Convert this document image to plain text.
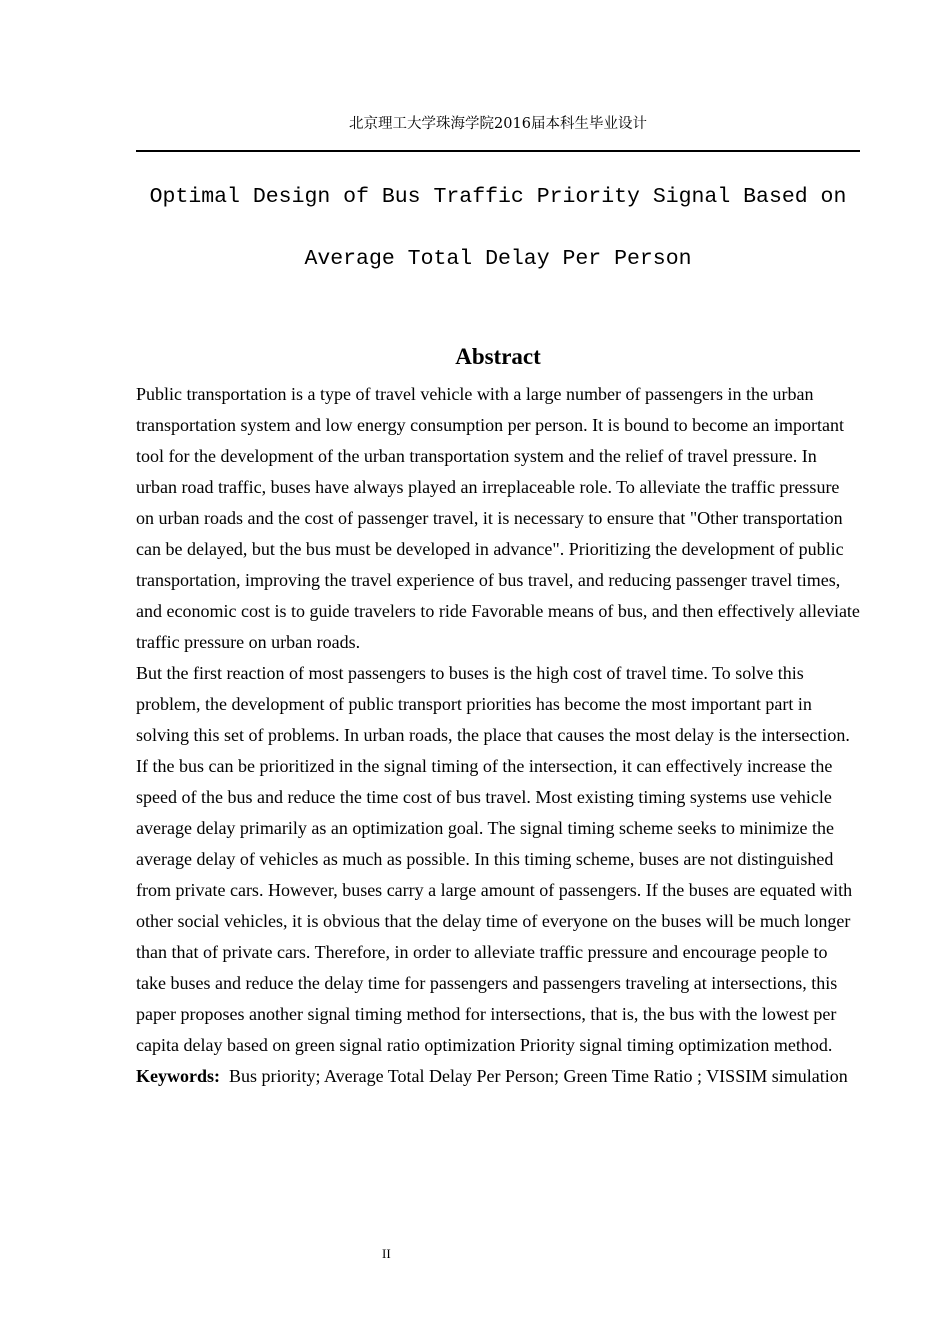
北京理工大学珠海学院2016届本科生毕业设计
Optimal Design of Bus Traffic Priority Signal Based on
Average Total Delay Per Person
Abstract

Public transportation is a type of travel vehicle with a large number of passengers in the urban transportation system and low energy consumption per person. It is bound to become an important tool for the development of the urban transportation system and the relief of travel pressure. In urban road traffic, buses have always played an irreplaceable role. To alleviate the traffic pressure on urban roads and the cost of passenger travel, it is necessary to ensure that "Other transportation can be delayed, but the bus must be developed in advance". Prioritizing the development of public transportation, improving the travel experience of bus travel, and reducing passenger travel times, and economic cost is to guide travelers to ride Favorable means of bus, and then effectively alleviate traffic pressure on urban roads.

But the first reaction of most passengers to buses is the high cost of travel time. To solve this problem, the development of public transport priorities has become the most important part in solving this set of problems. In urban roads, the place that causes the most delay is the intersection. If the bus can be prioritized in the signal timing of the intersection, it can effectively increase the speed of the bus and reduce the time cost of bus travel. Most existing timing systems use vehicle average delay primarily as an optimization goal. The signal timing scheme seeks to minimize the average delay of vehicles as much as possible. In this timing scheme, buses are not distinguished from private cars. However, buses carry a large amount of passengers. If the buses are equated with other social vehicles, it is obvious that the delay time of everyone on the buses will be much longer than that of private cars. Therefore, in order to alleviate traffic pressure and encourage people to take buses and reduce the delay time for passengers and passengers traveling at intersections, this paper proposes another signal timing method for intersections, that is, the bus with the lowest per capita delay based on green signal ratio optimization Priority signal timing optimization method.

Keywords: Bus priority; Average Total Delay Per Person; Green Time Ratio ; VISSIM simulation

II
